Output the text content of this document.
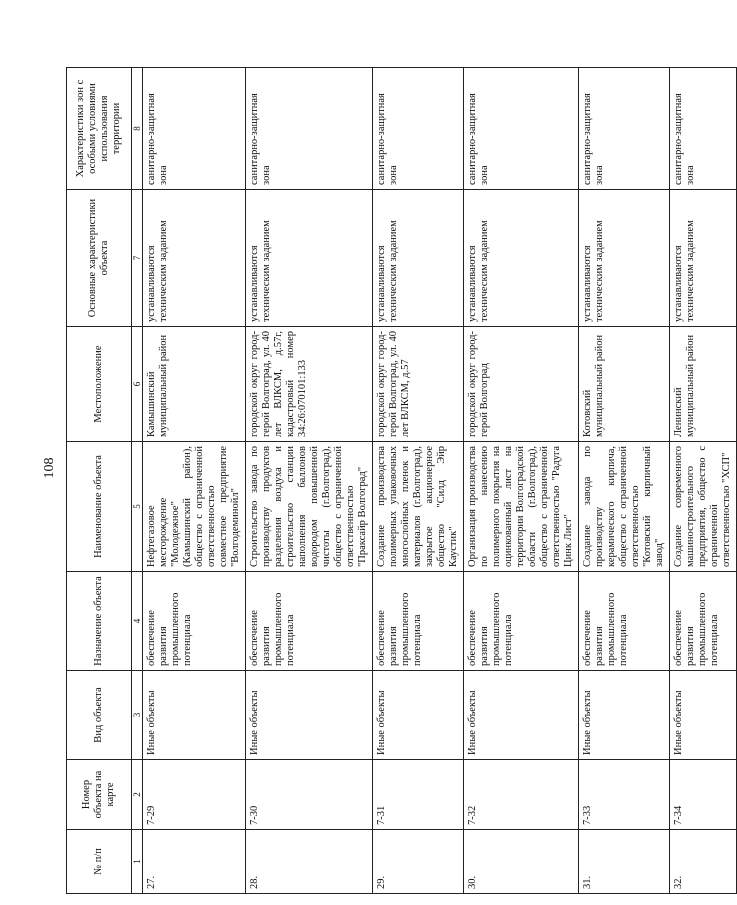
108
№ п/п	Номер объекта на карте	Вид объекта	Назначение объекта	Наименование объекта	Местоположение	Основные характеристики объекта	Характеристики зон с особыми условиями использования территории
1	2	3	4	5	6	7	8
27.	7-29	Иные объекты	обеспечение развития промышленного потенциала	Нефтегазовое месторождение "Молодежное" (Камышинский район), общество с ограниченной ответственностью совместное предприятие "Волгодеминойл"	Камышинский муниципальный район	устанавливаются техническим заданием	санитарно-защитная зона
28.	7-30	Иные объекты	обеспечение развития промышленного потенциала	Строительство завода по производству продуктов разделения воздуха и строительство станции наполнения баллонов водородом повышенной чистоты (г.Волгоград), общество с ограниченной ответственностью "Праксайр Волгоград"	городской округ город-герой Волгоград, ул. 40 лет ВЛКСМ, д.57г, кадастровый номер 34:26:070101:133	устанавливаются техническим заданием	санитарно-защитная зона
29.	7-31	Иные объекты	обеспечение развития промышленного потенциала	Создание производства полимерных упаковочных многослойных пленок и материалов (г.Волгоград), закрытое акционерное общество "Силд Эйр Каустик"	городской округ город-герой Волгоград, ул. 40 лет ВЛКСМ, д.57	устанавливаются техническим заданием	санитарно-защитная зона
30.	7-32	Иные объекты	обеспечение развития промышленного потенциала	Организация производства по нанесению полимерного покрытия на оцинкованный лист на территории Волгоградской области (г.Волгоград), общество с ограниченной ответственностью "Радуга Цинк Лист"	городской округ город-герой Волгоград	устанавливаются техническим заданием	санитарно-защитная зона
31.	7-33	Иные объекты	обеспечение развития промышленного потенциала	Создание завода по производству керамического кирпича, общество с ограниченной ответственностью "Котовский кирпичный завод"	Котовский муниципальный район	устанавливаются техническим заданием	санитарно-защитная зона
32.	7-34	Иные объекты	обеспечение развития промышленного потенциала	Создание современного машиностроительного предприятия, общество с ограниченной ответственностью "ХСП"	Ленинский муниципальный район	устанавливаются техническим заданием	санитарно-защитная зона
